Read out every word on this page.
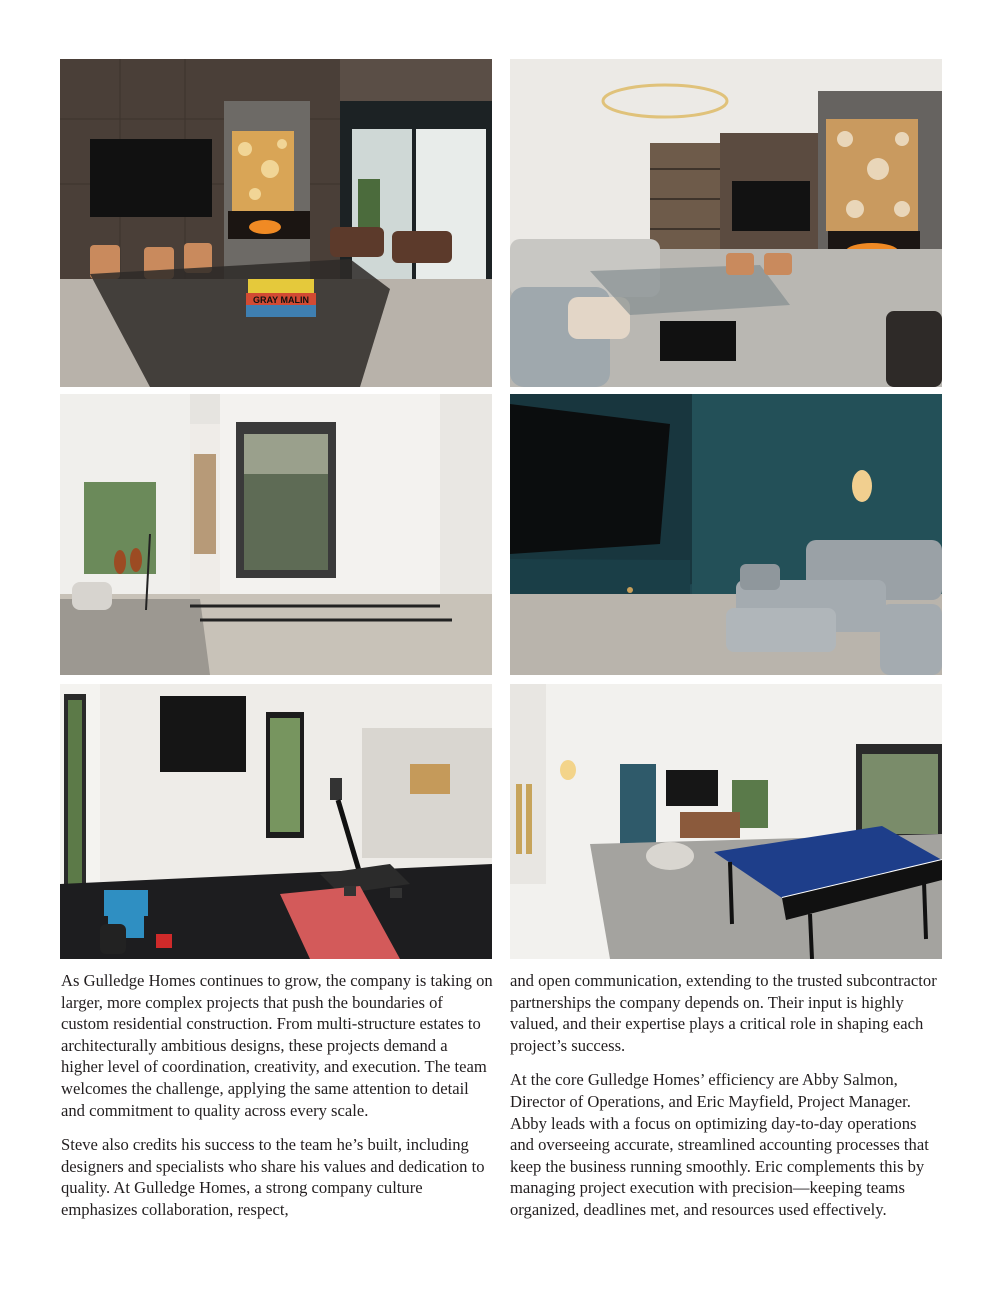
GRAY MALIN

As Gulledge Homes continues to grow, the company is taking on larger, more complex projects that push the boundaries of custom residential construction. From multi-structure estates to architecturally ambitious designs, these projects demand a higher level of coordination, creativity, and execution. The team welcomes the challenge, applying the same attention to detail and commitment to quality across every scale.

Steve also credits his success to the team he’s built, including designers and specialists who share his values and dedication to quality. At Gulledge Homes, a strong company culture emphasizes collaboration, respect,

and open communication, extending to the trusted subcontractor partnerships the company depends on. Their input is highly valued, and their expertise plays a critical role in shaping each project’s success.

At the core Gulledge Homes’ efficiency are Abby Salmon, Director of Operations, and Eric Mayfield, Project Manager. Abby leads with a focus on optimizing day-to-day operations and overseeing accurate, streamlined accounting processes that keep the business running smoothly. Eric complements this by managing project execution with precision—keeping teams organized, deadlines met, and resources used effectively.
